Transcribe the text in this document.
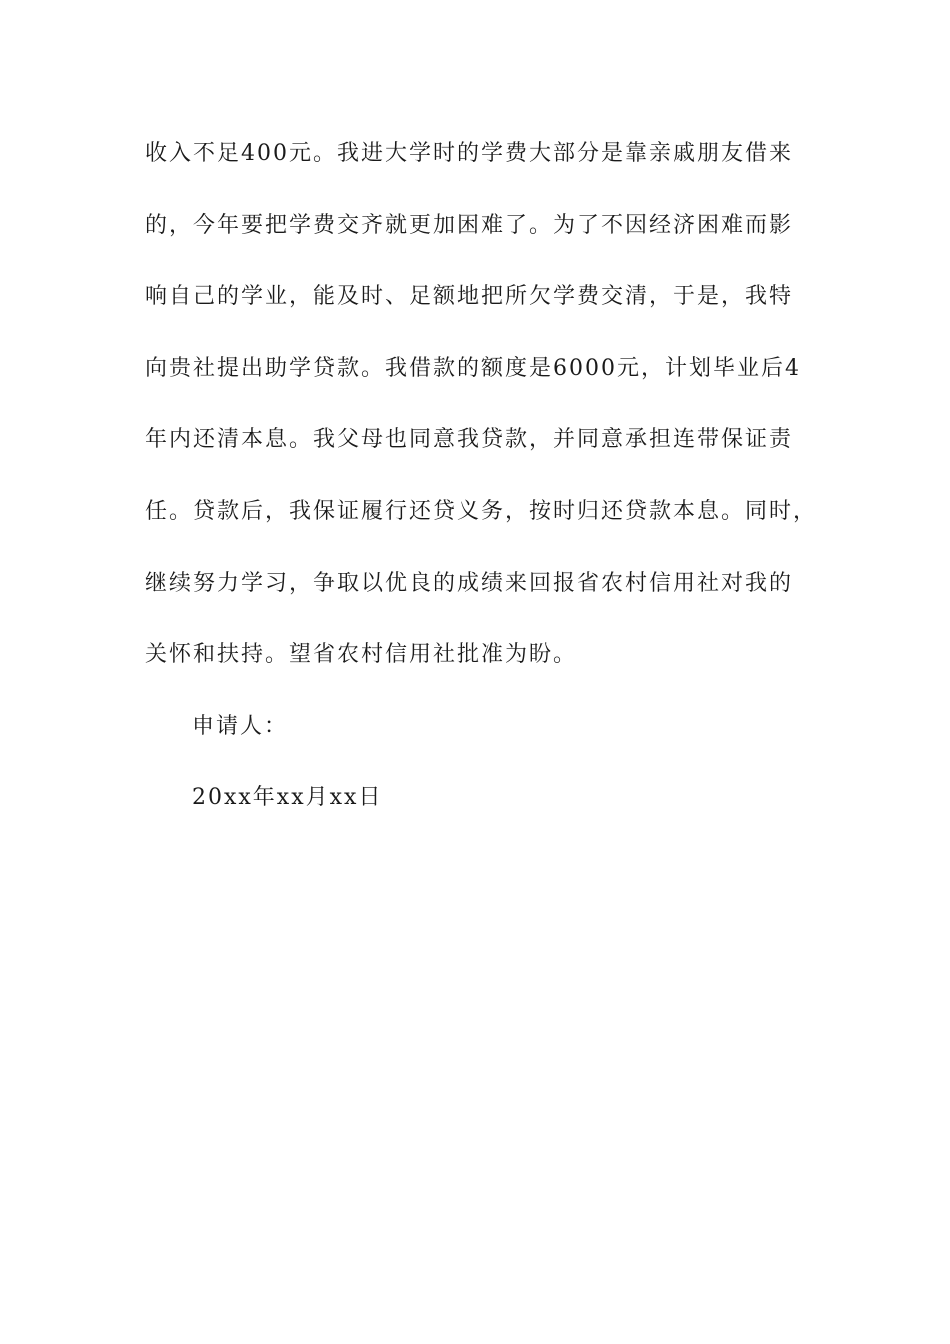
收入不足400元。我进大学时的学费大部分是靠亲戚朋友借来
的，今年要把学费交齐就更加困难了。为了不因经济困难而影
响自己的学业，能及时、足额地把所欠学费交清，于是，我特
向贵社提出助学贷款。我借款的额度是6000元，计划毕业后4
年内还清本息。我父母也同意我贷款，并同意承担连带保证责
任。贷款后，我保证履行还贷义务，按时归还贷款本息。同时，
继续努力学习，争取以优良的成绩来回报省农村信用社对我的
关怀和扶持。望省农村信用社批准为盼。
申请人：
20xx年xx月xx日
